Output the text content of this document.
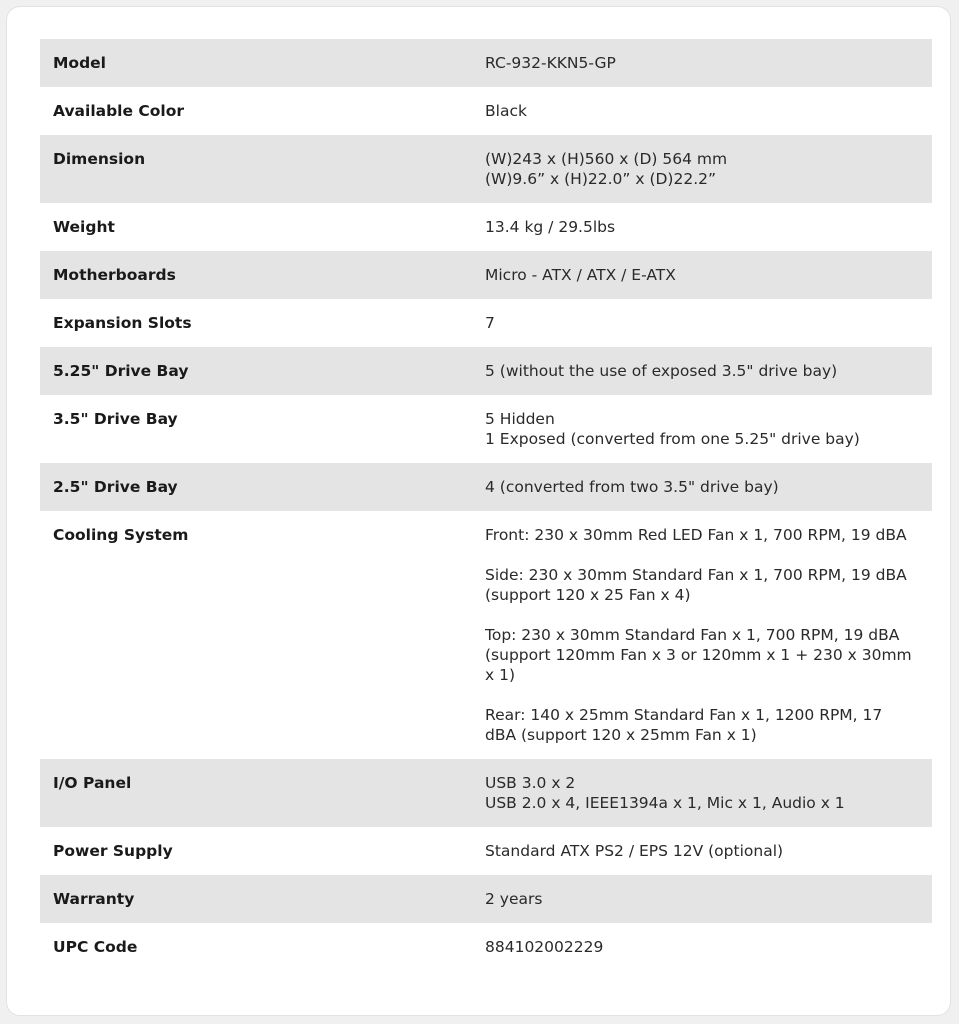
Model	RC-932-KKN5-GP
Available Color	Black
Dimension	(W)243 x (H)560 x (D) 564 mm
(W)9.6” x (H)22.0” x (D)22.2”
Weight	13.4 kg / 29.5lbs
Motherboards	Micro - ATX / ATX / E-ATX
Expansion Slots	7
5.25" Drive Bay	5 (without the use of exposed 3.5" drive bay)
3.5" Drive Bay	5 Hidden
1 Exposed (converted from one 5.25" drive bay)
2.5" Drive Bay	4 (converted from two 3.5" drive bay)
Cooling System	Front: 230 x 30mm Red LED Fan x 1, 700 RPM, 19 dBA
Side: 230 x 30mm Standard Fan x 1, 700 RPM, 19 dBA
(support 120 x 25 Fan x 4)
Top: 230 x 30mm Standard Fan x 1, 700 RPM, 19 dBA
(support 120mm Fan x 3 or 120mm x 1 + 230 x 30mm
x 1)
Rear: 140 x 25mm Standard Fan x 1, 1200 RPM, 17
dBA (support 120 x 25mm Fan x 1)
I/O Panel	USB 3.0 x 2
USB 2.0 x 4, IEEE1394a x 1, Mic x 1, Audio x 1
Power Supply	Standard ATX PS2 / EPS 12V (optional)
Warranty	2 years
UPC Code	884102002229
